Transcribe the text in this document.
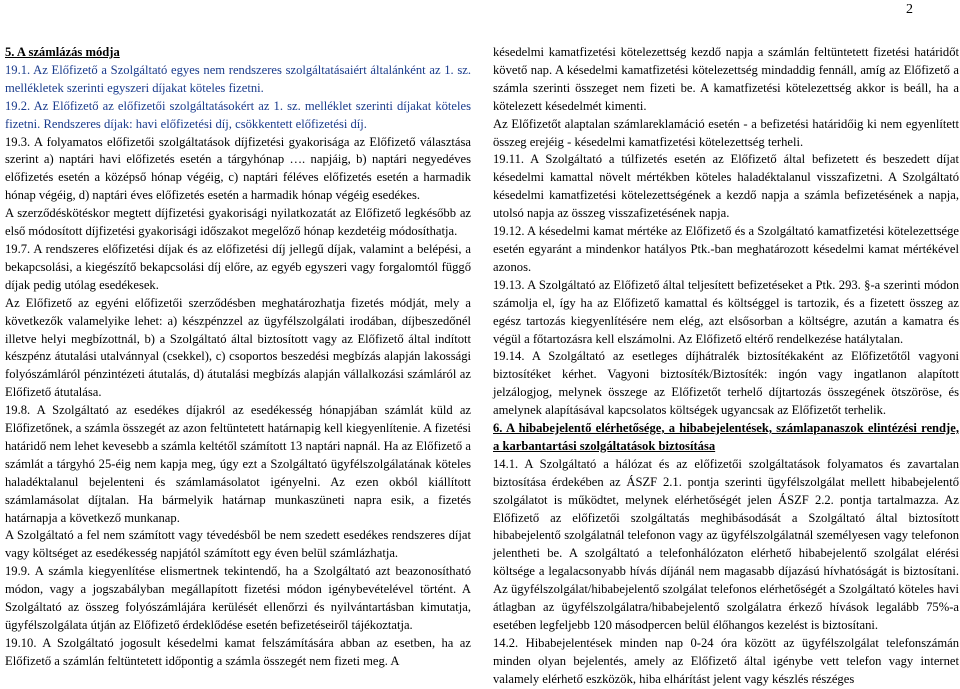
2

5. A számlázás módja

19.1. Az Előfizető a Szolgáltató egyes nem rendszeres szolgáltatásaiért általánként az 1. sz. mellékletek szerinti egyszeri díjakat köteles fizetni.

19.2. Az Előfizető az előfizetői szolgáltatásokért az 1. sz. melléklet szerinti díjakat köteles fizetni. Rendszeres díjak: havi előfizetési díj, csökkentett előfizetési díj.

19.3. A folyamatos előfizetői szolgáltatások díjfizetési gyakorisága az Előfizető választása szerint a) naptári havi előfizetés esetén a tárgyhónap …. napjáig, b) naptári negyedéves előfizetés esetén a középső hónap végéig, c) naptári féléves előfizetés esetén a harmadik hónap végéig, d) naptári éves előfizetés esetén a harmadik hónap végéig esedékes.

A szerződéskötéskor megtett díjfizetési gyakorisági nyilatkozatát az Előfizető legkésőbb az első módosított díjfizetési gyakorisági időszakot megelőző hónap kezdetéig módosíthatja.

19.7. A rendszeres előfizetési díjak és az előfizetési díj jellegű díjak, valamint a belépési, a bekapcsolási, a kiegészítő bekapcsolási díj előre, az egyéb egyszeri vagy forgalomtól függő díjak pedig utólag esedékesek.

Az Előfizető az egyéni előfizetői szerződésben meghatározhatja fizetés módját, mely a következők valamelyike lehet: a) készpénzzel az ügyfélszolgálati irodában, díjbeszedőnél illetve helyi megbízottnál, b) a Szolgáltató által biztosított vagy az Előfizető által indított készpénz átutalási utalvánnyal (csekkel), c) csoportos beszedési megbízás alapján lakossági folyószámláról pénzintézeti átutalás, d) átutalási megbízás alapján vállalkozási számláról az Előfizető átutalása.

19.8. A Szolgáltató az esedékes díjakról az esedékesség hónapjában számlát küld az Előfizetőnek, a számla összegét az azon feltüntetett határnapig kell kiegyenlítenie. A fizetési határidő nem lehet kevesebb a számla keltétől számított 13 naptári napnál. Ha az Előfizető a számlát a tárgyhó 25-éig nem kapja meg, úgy ezt a Szolgáltató ügyfélszolgálatának köteles haladéktalanul bejelenteni és számlamásolatot igényelni. Az ezen okból kiállított számlamásolat díjtalan. Ha bármelyik határnap munkaszüneti napra esik, a fizetés határnapja a következő munkanap.

A Szolgáltató a fel nem számított vagy tévedésből be nem szedett esedékes rendszeres díjat vagy költséget az esedékesség napjától számított egy éven belül számlázhatja.

19.9. A számla kiegyenlítése elismertnek tekintendő, ha a Szolgáltató azt beazonosítható módon, vagy a jogszabályban megállapított fizetési módon igénybevételével történt. A Szolgáltató az összeg folyószámlájára kerülését ellenőrzi és nyilvántartásban kimutatja, ügyfélszolgálata útján az Előfizető érdeklődése esetén befizetéseiről tájékoztatja.

19.10. A Szolgáltató jogosult késedelmi kamat felszámítására abban az esetben, ha az Előfizető a számlán feltüntetett időpontig a számla összegét nem fizeti meg. A

késedelmi kamatfizetési kötelezettség kezdő napja a számlán feltüntetett fizetési határidőt követő nap. A késedelmi kamatfizetési kötelezettség mindaddig fennáll, amíg az Előfizető a számla szerinti összeget nem fizeti be. A kamatfizetési kötelezettség akkor is beáll, ha a kötelezett késedelmét kimenti.

Az Előfizetőt alaptalan számlareklamáció esetén - a befizetési határidőig ki nem egyenlített összeg erejéig - késedelmi kamatfizetési kötelezettség terheli.

19.11. A Szolgáltató a túlfizetés esetén az Előfizető által befizetett és beszedett díjat késedelmi kamattal növelt mértékben köteles haladéktalanul visszafizetni. A Szolgáltató késedelmi kamatfizetési kötelezettségének a kezdő napja a számla befizetésének a napja, utolsó napja az összeg visszafizetésének napja.

19.12. A késedelmi kamat mértéke az Előfizető és a Szolgáltató kamatfizetési kötelezettsége esetén egyaránt a mindenkor hatályos Ptk.-ban meghatározott késedelmi kamat mértékével azonos.

19.13. A Szolgáltató az Előfizető által teljesített befizetéseket a Ptk. 293. §-a szerinti módon számolja el, így ha az Előfizető kamattal és költséggel is tartozik, és a fizetett összeg az egész tartozás kiegyenlítésére nem elég, azt elsősorban a költségre, azután a kamatra és végül a főtartozásra kell elszámolni. Az Előfizető eltérő rendelkezése hatálytalan.

19.14. A Szolgáltató az esetleges díjhátralék biztosítékaként az Előfizetőtől vagyoni biztosítéket kérhet. Vagyoni biztosíték/Biztosíték: ingón vagy ingatlanon alapított jelzálogjog, melynek összege az Előfizetőt terhelő díjtartozás összegének ötszöröse, és amelynek alapításával kapcsolatos költségek ugyancsak az Előfizetőt terhelik.

6. A hibabejelentő elérhetősége, a hibabejelentések, számlapanaszok elintézési rendje, a karbantartási szolgáltatások biztosítása

14.1. A Szolgáltató a hálózat és az előfizetői szolgáltatások folyamatos és zavartalan biztosítása érdekében az ÁSZF 2.1. pontja szerinti ügyfélszolgálat mellett hibabejelentő szolgálatot is működtet, melynek elérhetőségét jelen ÁSZF 2.2. pontja tartalmazza. Az Előfizető az előfizetői szolgáltatás meghibásodását a Szolgáltató által biztosított hibabejelentő szolgálatnál telefonon vagy az ügyfélszolgálatnál személyesen vagy telefonon jelentheti be. A szolgáltató a telefonhálózaton elérhető hibabejelentő szolgálat elérési költsége a legalacsonyabb hívás díjánál nem magasabb díjazású hívhatóságát is biztosítani. Az ügyfélszolgálat/hibabejelentő szolgálat telefonos elérhetőségét a Szolgáltató köteles havi átlagban az ügyfélszolgálatra/hibabejelentő szolgálatra érkező hívások legalább 75%-a esetében legfeljebb 120 másodpercen belül élőhangos kezelést is biztosítani.

14.2. Hibabejelentések minden nap 0-24 óra között az ügyfélszolgálat telefonszámán minden olyan bejelentés, amely az Előfizető által igénybe vett telefon vagy internet valamely elérhető eszközök, hiba elhárítást jelent vagy készlés részéges
